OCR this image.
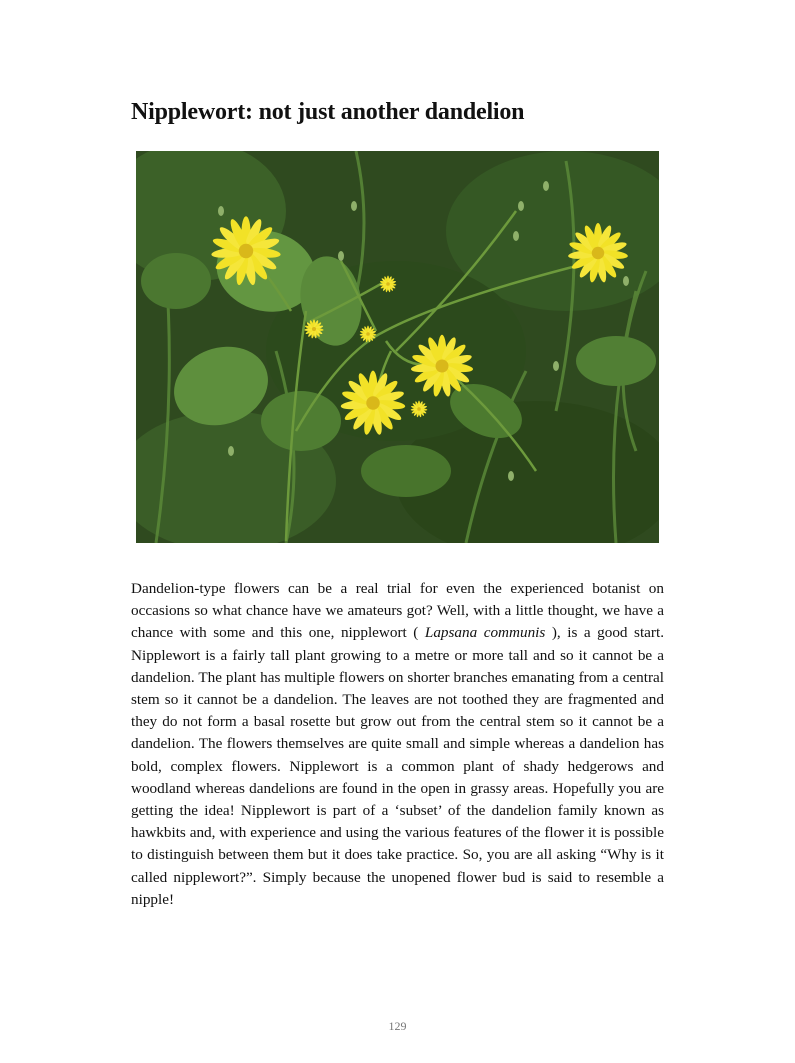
Nipplewort: not just another dandelion

Dandelion-type flowers can be a real trial for even the experienced botanist on occasions so what chance have we amateurs got? Well, with a little thought, we have a chance with some and this one, nipplewort ( Lapsana communis ), is a good start. Nipplewort is a fairly tall plant growing to a metre or more tall and so it cannot be a dandelion. The plant has multiple flowers on shorter branches emanating from a central stem so it cannot be a dandelion. The leaves are not toothed they are fragmented and they do not form a basal rosette but grow out from the central stem so it cannot be a dandelion. The flowers themselves are quite small and simple whereas a dandelion has bold, complex flowers. Nipplewort is a common plant of shady hedgerows and woodland whereas dandelions are found in the open in grassy areas. Hopefully you are getting the idea! Nipplewort is part of a ‘subset’ of the dandelion family known as hawkbits and, with experience and using the various features of the flower it is possible to distinguish between them but it does take practice. So, you are all asking “Why is it called nipplewort?”. Simply because the unopened flower bud is said to resemble a nipple!

129
